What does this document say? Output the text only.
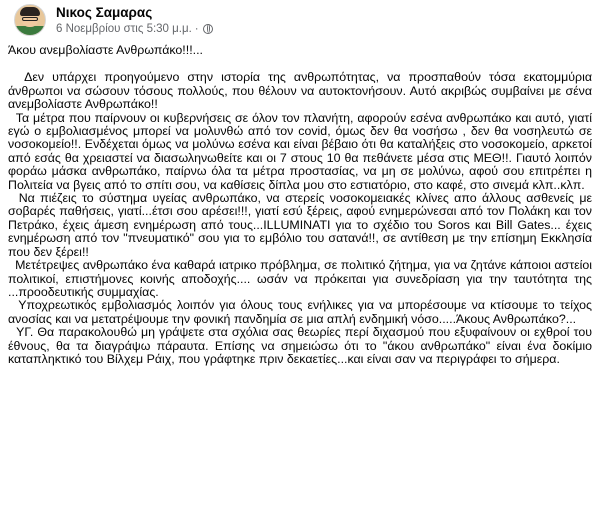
Νικος Σαμαρας
6 Νοεμβρίου στις 5:30 μ.μ. ·

Άκου ανεμβολίαστε Ανθρωπάκο!!!...

Δεν υπάρχει προηγούμενο στην ιστορία της ανθρωπότητας, να προσπαθούν τόσα εκατομμύρια άνθρωποι να σώσουν τόσους πολλούς, που θέλουν να αυτοκτονήσουν. Αυτό ακριβώς συμβαίνει με σένα ανεμβολίαστε Ανθρωπάκο!!
Τα μέτρα που παίρνουν οι κυβερνήσεις σε όλον τον πλανήτη, αφορούν εσένα ανθρωπάκο και αυτό, γιατί εγώ ο εμβολιασμένος μπορεί να μολυνθώ από τον covid, όμως δεν θα νοσήσω , δεν θα νοσηλευτώ σε νοσοκομείο!!. Ενδέχεται όμως να μολύνω εσένα και είναι βέβαιο ότι θα καταλήξεις στο νοσοκομείο, αρκετοί από εσάς θα χρειαστεί να διασωληνωθείτε και οι 7 στους 10 θα πεθάνετε μέσα στις ΜΕΘ!!. Γιαυτό λοιπόν φοράω μάσκα ανθρωπάκο, παίρνω όλα τα μέτρα προστασίας, να μη σε μολύνω, αφού σου επιτρέπει η Πολιτεία να βγεις από το σπίτι σου, να καθίσεις δίπλα μου στο εστιατόριο, στο καφέ, στο σινεμά κλπ..κλπ.
Να πιέζεις το σύστημα υγείας ανθρωπάκο, να στερείς νοσοκομειακές κλίνες απο άλλους ασθενείς με σοβαρές παθήσεις, γιατί...έτσι σου αρέσει!!!, γιατί εσύ ξέρεις, αφού ενημερώνεσαι από τον Πολάκη και τον Πετράκο, έχεις άμεση ενημέρωση από τους...ILLUMINATI για το σχέδιο του Soros και Bill Gates... έχεις ενημέρωση από τον "πνευματικό" σου για το εμβόλιο του σατανά!!, σε αντίθεση με την επίσημη Εκκλησία που δεν ξέρει!!
Μετέτρεψες ανθρωπάκο ένα καθαρά ιατρικο πρόβλημα, σε πολιτικό ζήτημα, για να ζητάνε κάποιοι αστείοι πολιτικοί, επιστήμονες κοινής αποδοχής.... ωσάν να πρόκειται για συνεδρίαση για την ταυτότητα της ...προοδευτικής συμμαχίας.
Υποχρεωτικός εμβολιασμός λοιπόν για όλους τους ενήλικες για να μπορέσουμε να κτίσουμε το τείχος ανοσίας και να μετατρέψουμε την φονική πανδημία σε μια απλή ενδημική νόσο.....Άκους Ανθρωπάκο?...
ΥΓ. Θα παρακολουθώ μη γράψετε στα σχόλια σας θεωρίες περί διχασμού που εξυφαίνουν οι εχθροί του έθνους, θα τα διαγράψω πάραυτα. Επίσης να σημειώσω ότι το "άκου ανθρωπάκο" είναι ένα δοκίμιο καταπληκτικό του Βίλχεμ Ράιχ, που γράφτηκε πριν δεκαετίες...και είναι σαν να περιγράφει το σήμερα.
